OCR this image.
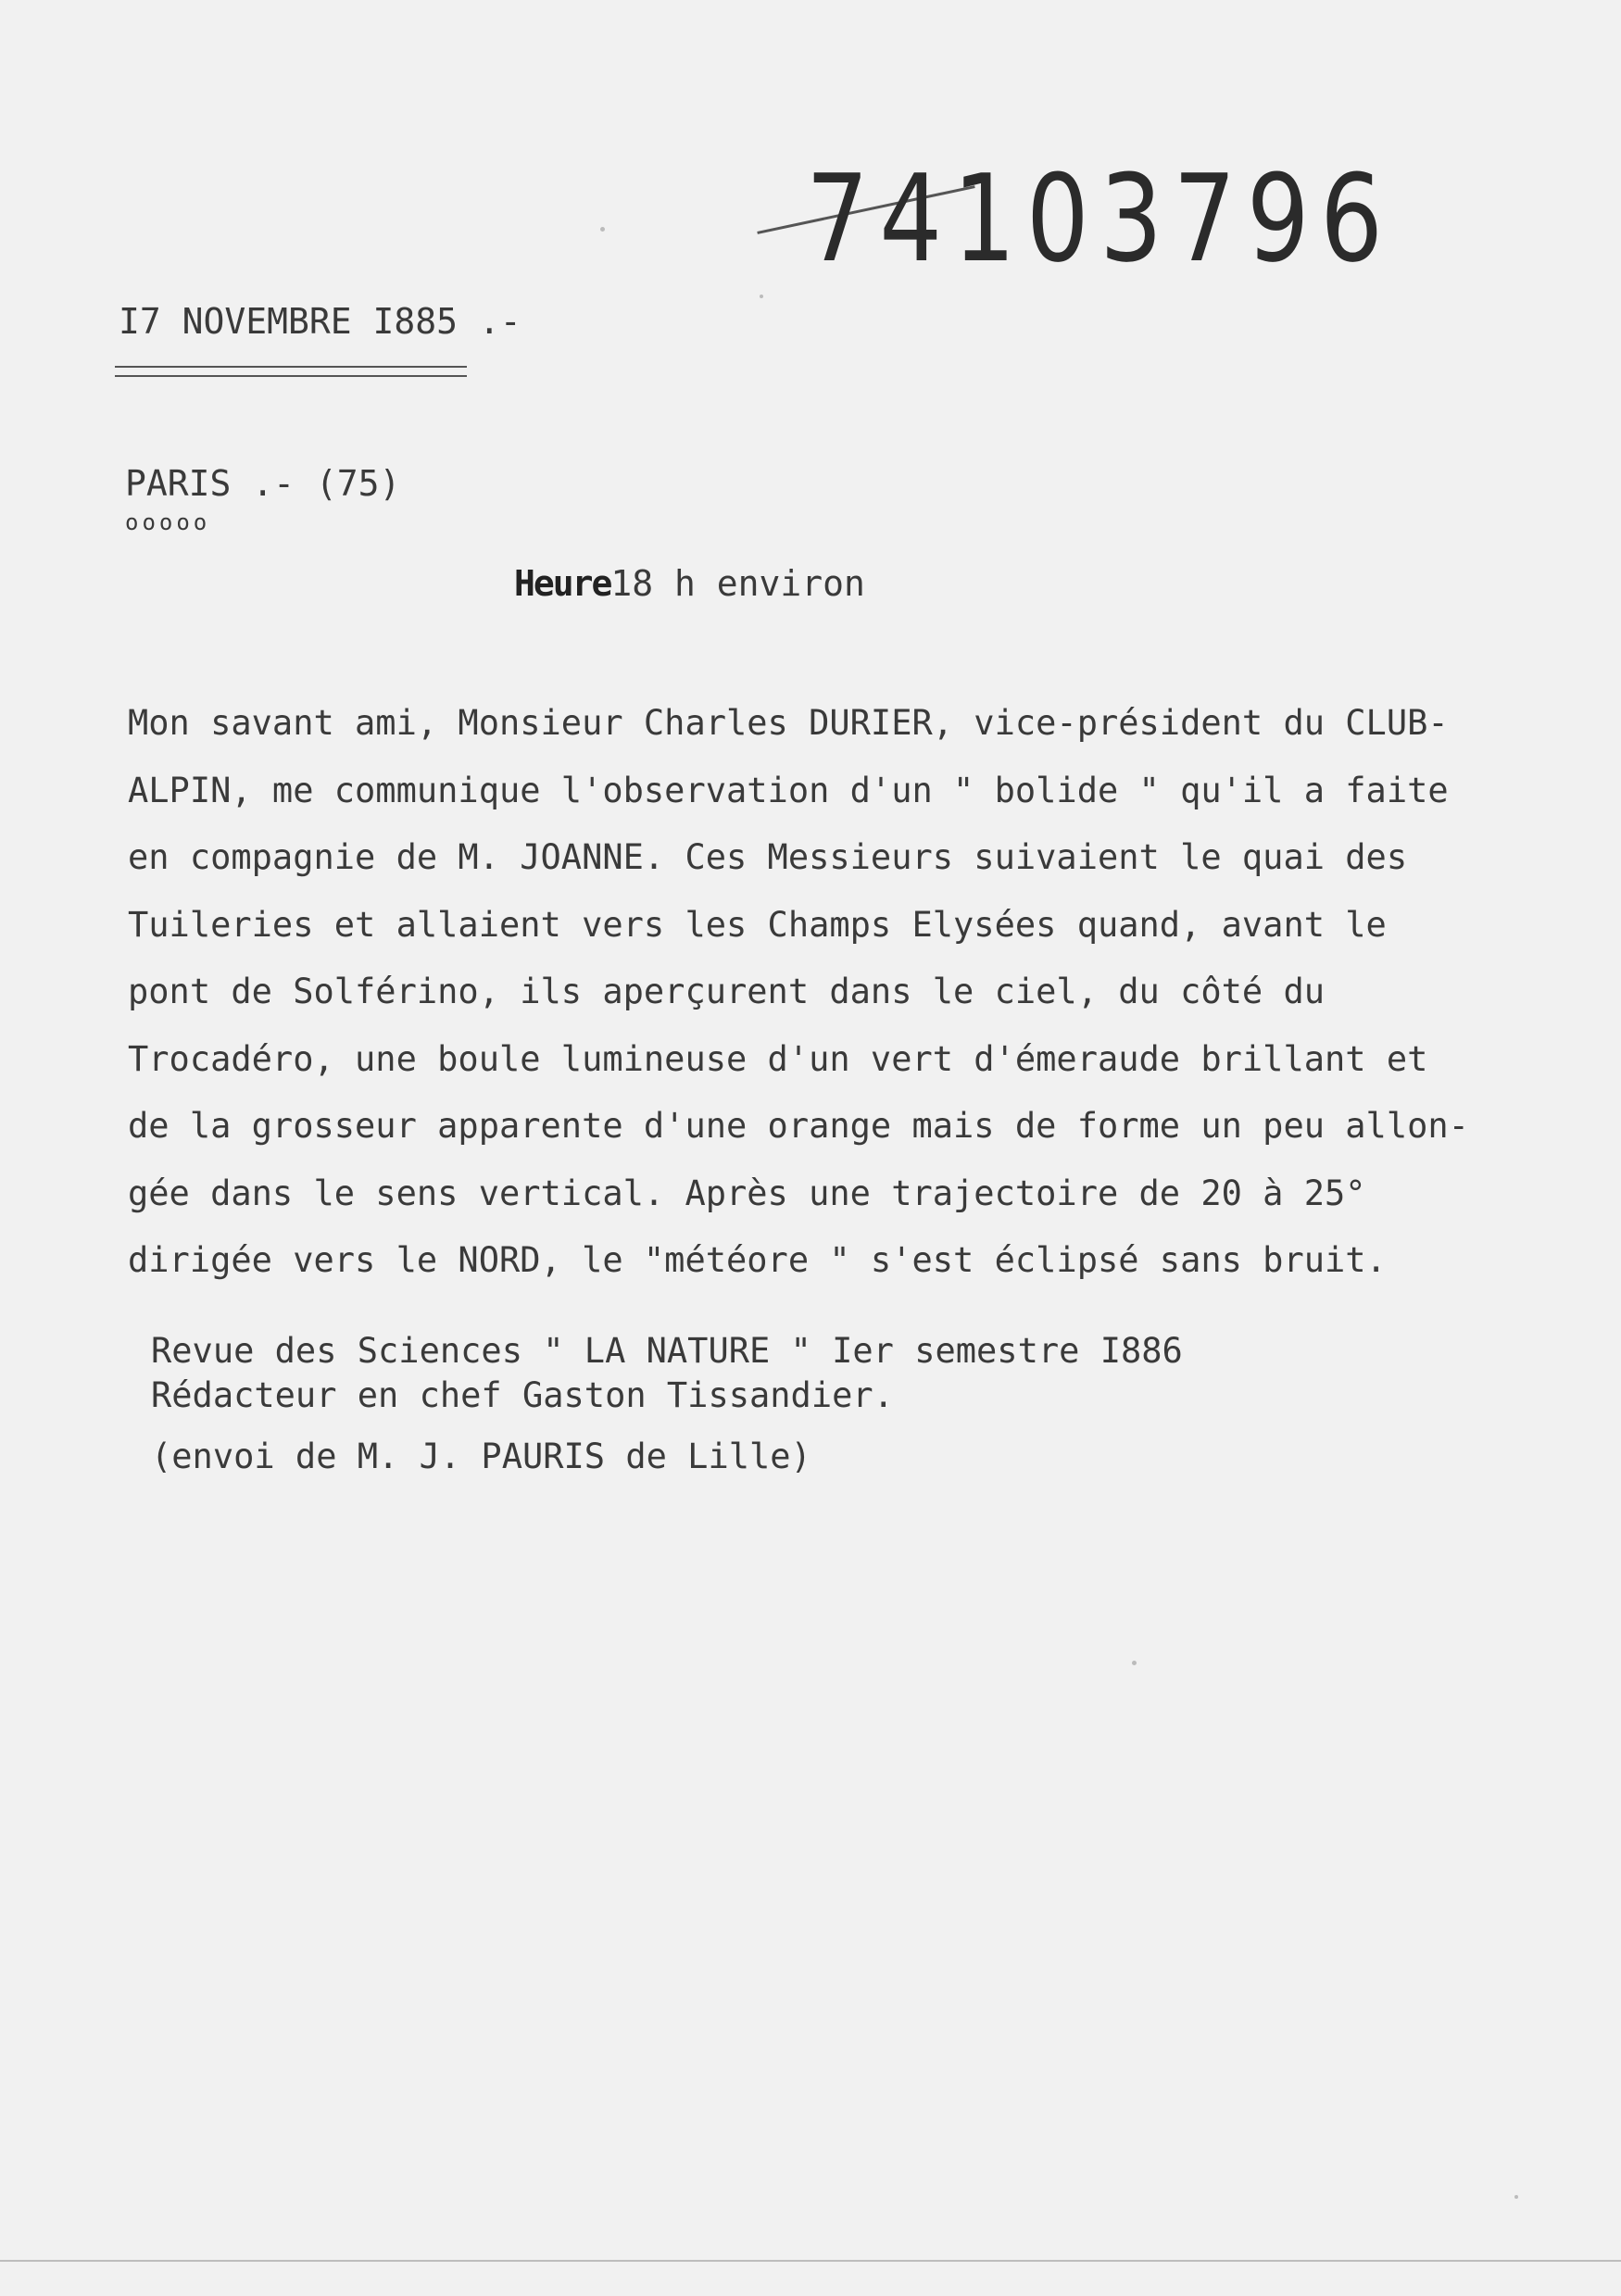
74103796
I7 NOVEMBRE I885 .-
PARIS .- (75)
ooooo
Heure18 h environ
Mon savant ami, Monsieur Charles DURIER, vice-président du CLUB-
ALPIN, me communique l'observation d'un " bolide " qu'il a faite
en compagnie de M. JOANNE. Ces Messieurs suivaient le quai des
Tuileries et allaient vers les Champs Elysées quand, avant le
pont de Solférino, ils aperçurent dans le ciel, du côté du
Trocadéro, une boule lumineuse d'un vert d'émeraude brillant et
de la grosseur apparente d'une orange mais de forme un peu allon-
gée dans le sens vertical. Après une trajectoire de 20 à 25°
dirigée vers le NORD, le "météore " s'est éclipsé sans bruit.
Revue des Sciences " LA NATURE " Ier semestre I886
Rédacteur en chef Gaston Tissandier.
(envoi de M. J. PAURIS de Lille)
